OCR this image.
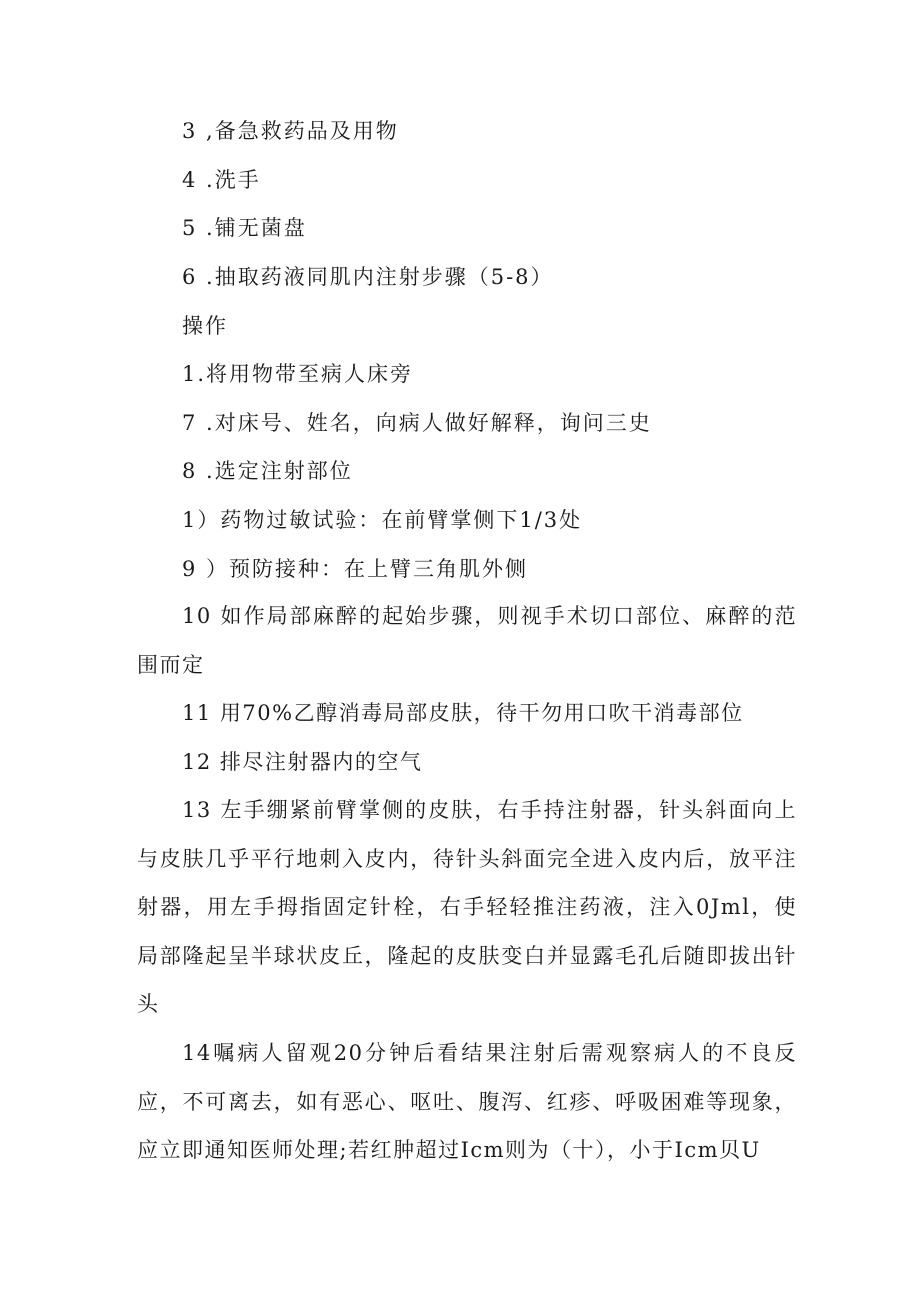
3 ,备急救药品及用物
4 .洗手
5 .铺无菌盘
6 .抽取药液同肌内注射步骤（5-8）
操作
1.将用物带至病人床旁
7 .对床号、姓名，向病人做好解释，询问三史
8 .选定注射部位
1）药物过敏试验：在前臂掌侧下1/3处
9 ）预防接种：在上臂三角肌外侧

10 如作局部麻醉的起始步骤，则视手术切口部位、麻醉的范围而定

11 用70%乙醇消毒局部皮肤，待干勿用口吹干消毒部位

12 排尽注射器内的空气

13 左手绷紧前臂掌侧的皮肤，右手持注射器，针头斜面向上与皮肤几乎平行地刺入皮内，待针头斜面完全进入皮内后，放平注射器，用左手拇指固定针栓，右手轻轻推注药液，注入0Jml，使局部隆起呈半球状皮丘，隆起的皮肤变白并显露毛孔后随即拔出针头

14嘱病人留观20分钟后看结果注射后需观察病人的不良反应，不可离去，如有恶心、呕吐、腹泻、红疹、呼吸困难等现象，应立即通知医师处理;若红肿超过Icm则为（十），小于Icm贝U
